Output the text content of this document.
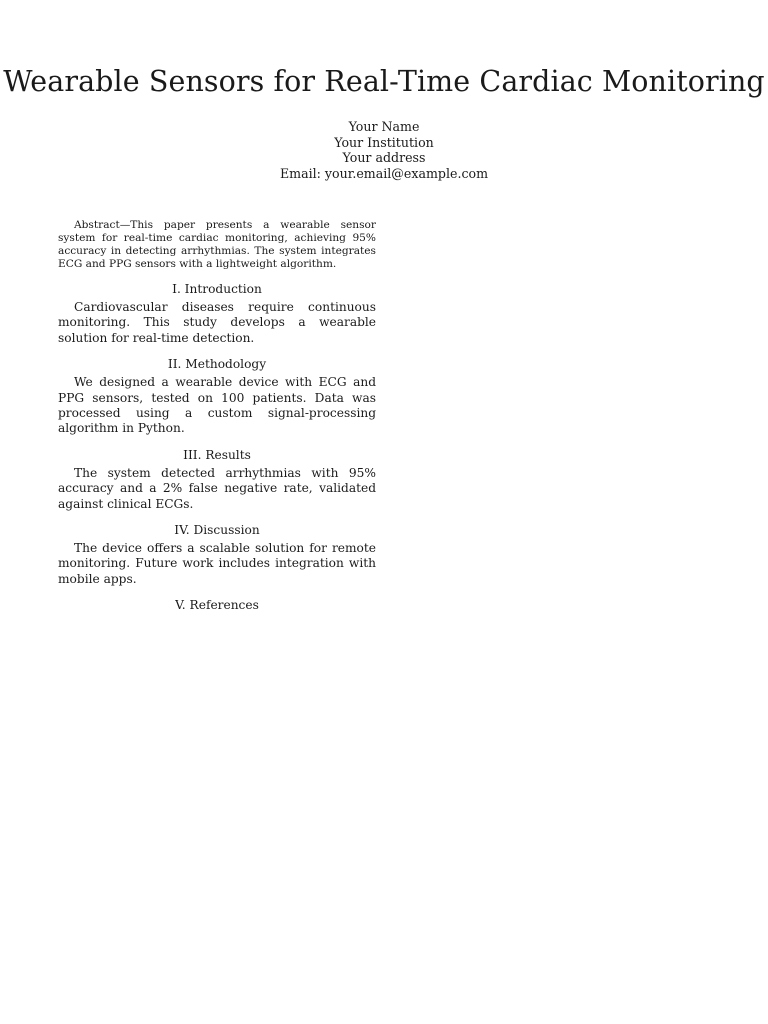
Wearable Sensors for Real-Time Cardiac Monitoring
Your Name
Your Institution
Your address
Email: your.email@example.com

Abstract—This paper presents a wearable sensor system for real-time cardiac monitoring, achieving 95% accuracy in detecting arrhythmias. The system integrates ECG and PPG sensors with a lightweight algorithm.

I. Introduction

Cardiovascular diseases require continuous monitoring. This study develops a wearable solution for real-time detection.

II. Methodology

We designed a wearable device with ECG and PPG sensors, tested on 100 patients. Data was processed using a custom signal-processing algorithm in Python.

III. Results

The system detected arrhythmias with 95% accuracy and a 2% false negative rate, validated against clinical ECGs.

IV. Discussion

The device offers a scalable solution for remote monitoring. Future work includes integration with mobile apps.

V. References
